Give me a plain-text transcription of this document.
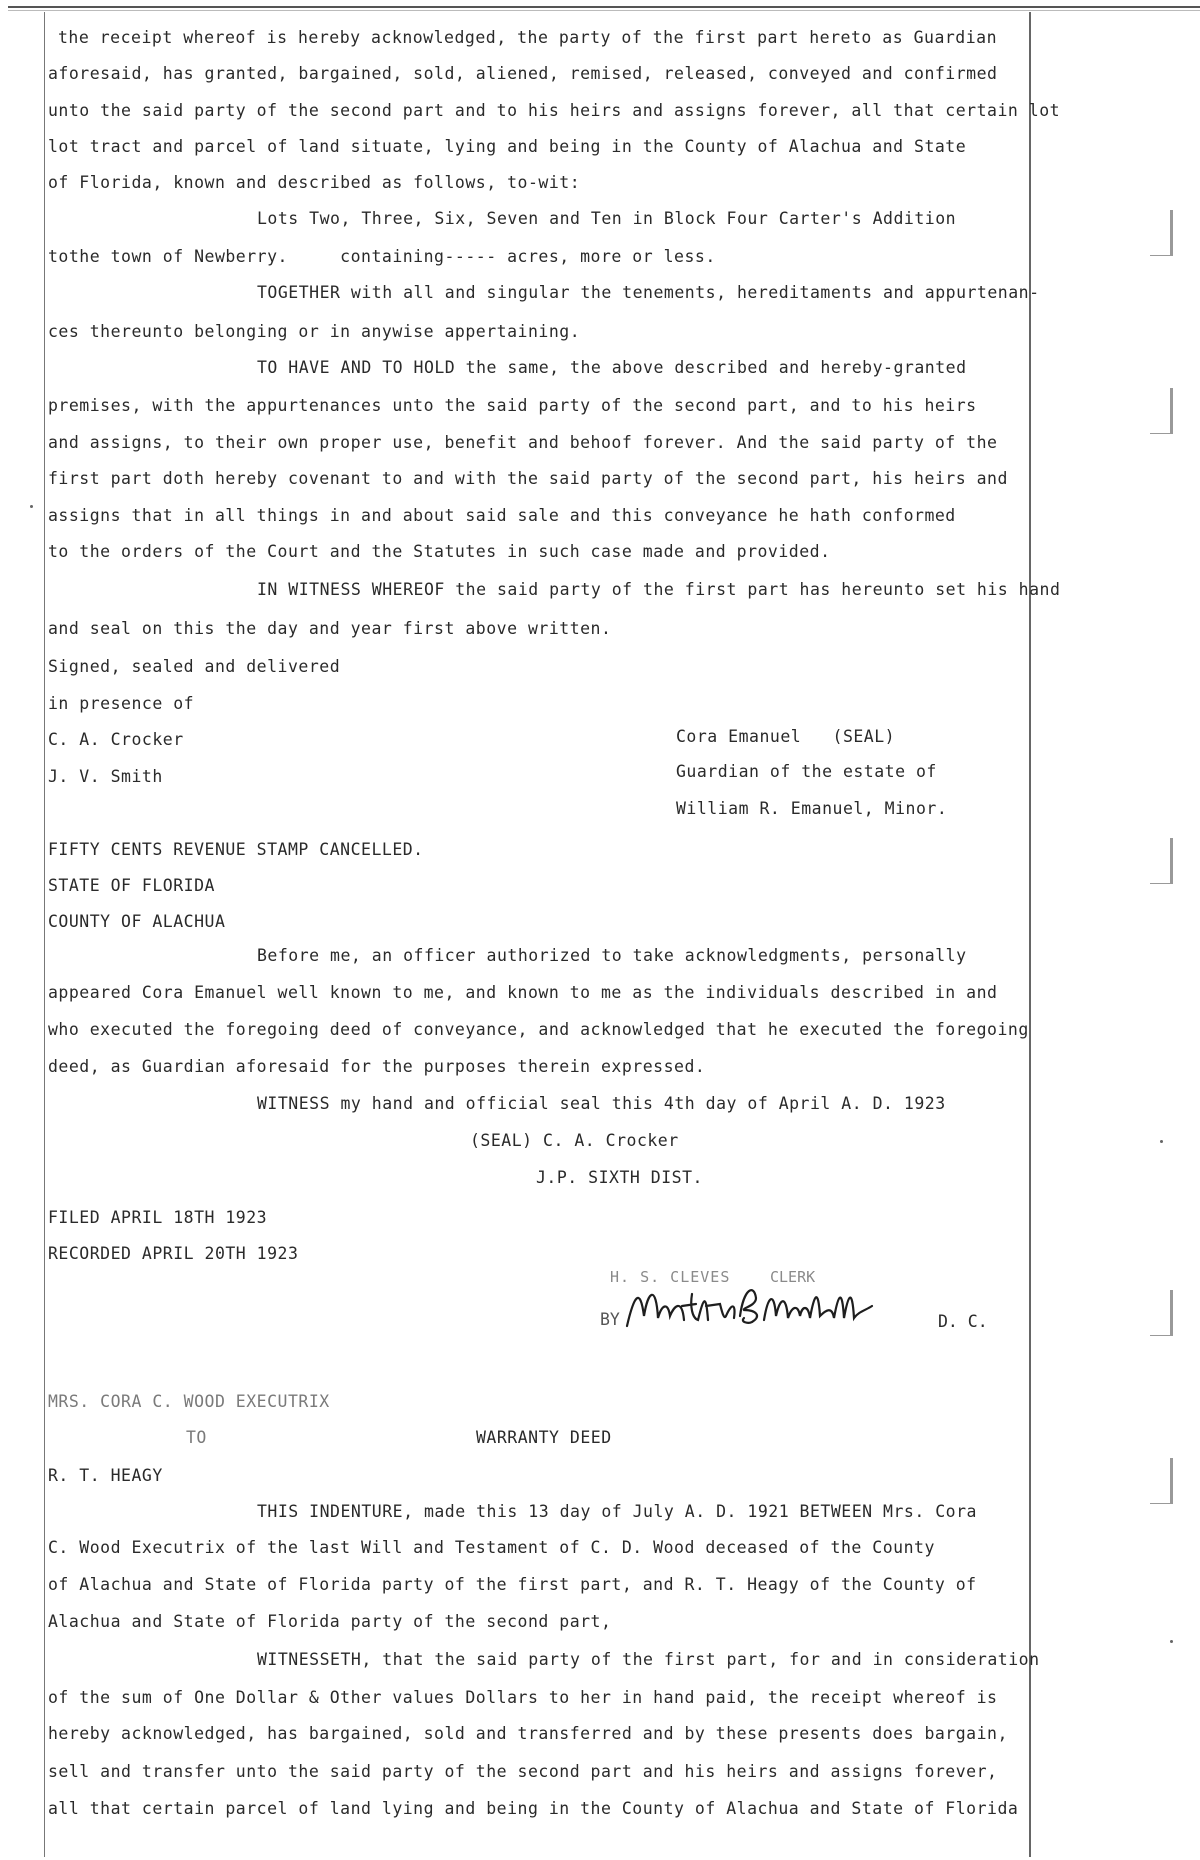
the receipt whereof is hereby acknowledged, the party of the first part hereto as Guardian
aforesaid, has granted, bargained, sold, aliened, remised, released, conveyed and confirmed
unto the said party of the second part and to his heirs and assigns forever, all that certain lot
lot tract and parcel of land situate, lying and being in the County of Alachua and State
of Florida, known and described as follows, to-wit:
Lots Two, Three, Six, Seven and Ten in Block Four Carter's Addition
tothe town of Newberry.     containing----- acres, more or less.
TOGETHER with all and singular the tenements, hereditaments and appurtenan-
ces thereunto belonging or in anywise appertaining.
TO HAVE AND TO HOLD the same, the above described and hereby-granted
premises, with the appurtenances unto the said party of the second part, and to his heirs
and assigns, to their own proper use, benefit and behoof forever. And the said party of the
first part doth hereby covenant to and with the said party of the second part, his heirs and
assigns that in all things in and about said sale and this conveyance he hath conformed
to the orders of the Court and the Statutes in such case made and provided.
IN WITNESS WHEREOF the said party of the first part has hereunto set his hand
and seal on this the day and year first above written.
Signed, sealed and delivered
in presence of
C. A. Crocker	Cora Emanuel   (SEAL)
J. V. Smith	Guardian of the estate of
William R. Emanuel, Minor.
FIFTY CENTS REVENUE STAMP CANCELLED.
STATE OF FLORIDA
COUNTY OF ALACHUA
Before me, an officer authorized to take acknowledgments, personally
appeared Cora Emanuel well known to me, and known to me as the individuals described in and
who executed the foregoing deed of conveyance, and acknowledged that he executed the foregoing
deed, as Guardian aforesaid for the purposes therein expressed.
WITNESS my hand and official seal this 4th day of April A. D. 1923
(SEAL) C. A. Crocker
J.P. SIXTH DIST.
FILED APRIL 18TH 1923
RECORDED APRIL 20TH 1923
H. S. CLEVES	CLERK
BY	D. C.
MRS. CORA C. WOOD EXECUTRIX
TO	WARRANTY DEED
R. T. HEAGY
THIS INDENTURE, made this 13 day of July A. D. 1921 BETWEEN Mrs. Cora
C. Wood Executrix of the last Will and Testament of C. D. Wood deceased of the County
of Alachua and State of Florida party of the first part, and R. T. Heagy of the County of
Alachua and State of Florida party of the second part,
WITNESSETH, that the said party of the first part, for and in consideration
of the sum of One Dollar & Other values Dollars to her in hand paid, the receipt whereof is
hereby acknowledged, has bargained, sold and transferred and by these presents does bargain,
sell and transfer unto the said party of the second part and his heirs and assigns forever,
all that certain parcel of land lying and being in the County of Alachua and State of Florida
